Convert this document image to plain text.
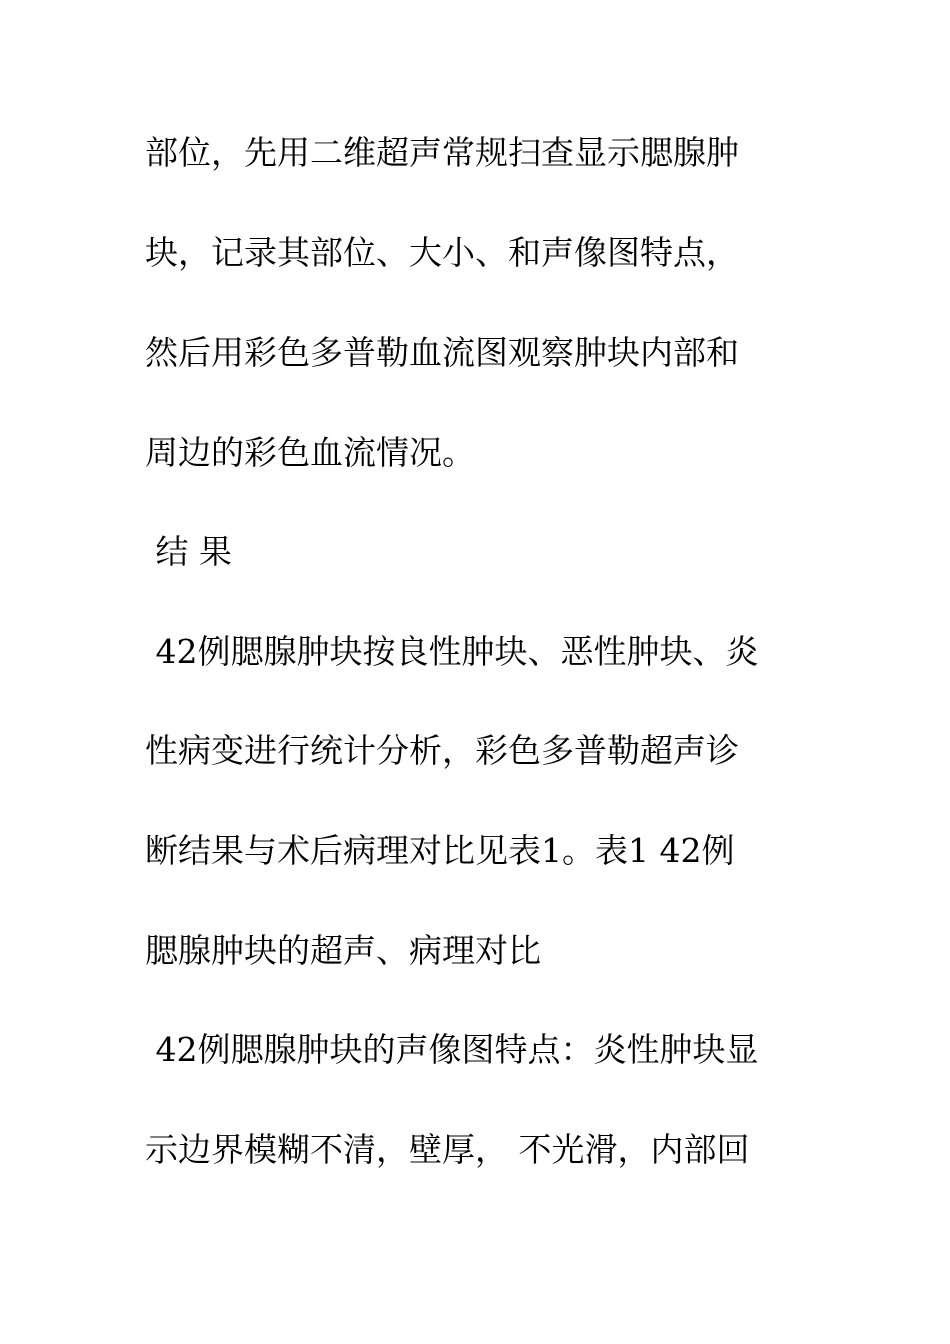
部位，先用二维超声常规扫查显示腮腺肿
块，记录其部位、大小、和声像图特点，
然后用彩色多普勒血流图观察肿块内部和
周边的彩色血流情况。
结 果
42例腮腺肿块按良性肿块、恶性肿块、炎
性病变进行统计分析，彩色多普勒超声诊
断结果与术后病理对比见表1。表1 42例
腮腺肿块的超声、病理对比
42例腮腺肿块的声像图特点：炎性肿块显
示边界模糊不清，壁厚， 不光滑，内部回
